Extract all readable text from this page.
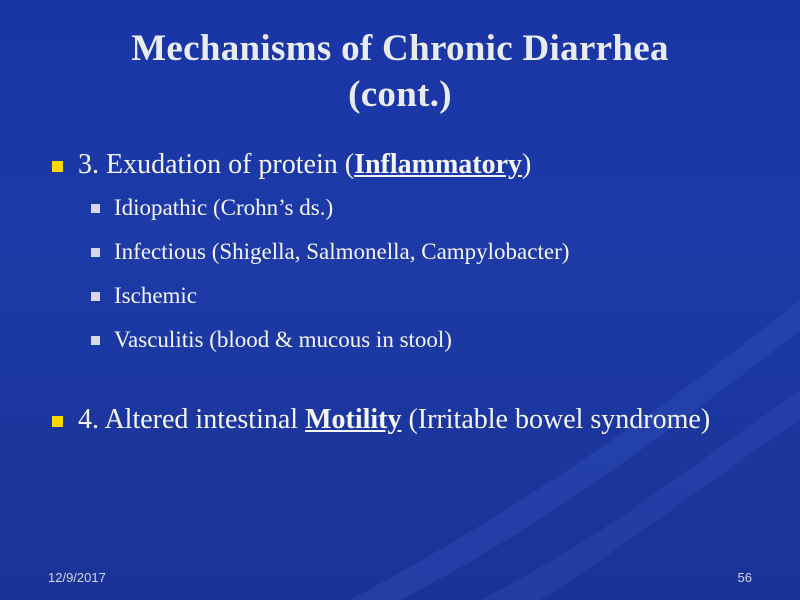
Mechanisms of Chronic Diarrhea
(cont.)
3. Exudation of protein (Inflammatory)
Idiopathic (Crohn’s ds.)
Infectious (Shigella, Salmonella, Campylobacter)
Ischemic
Vasculitis (blood & mucous in stool)
4. Altered intestinal Motility (Irritable bowel syndrome)
12/9/2017	56
